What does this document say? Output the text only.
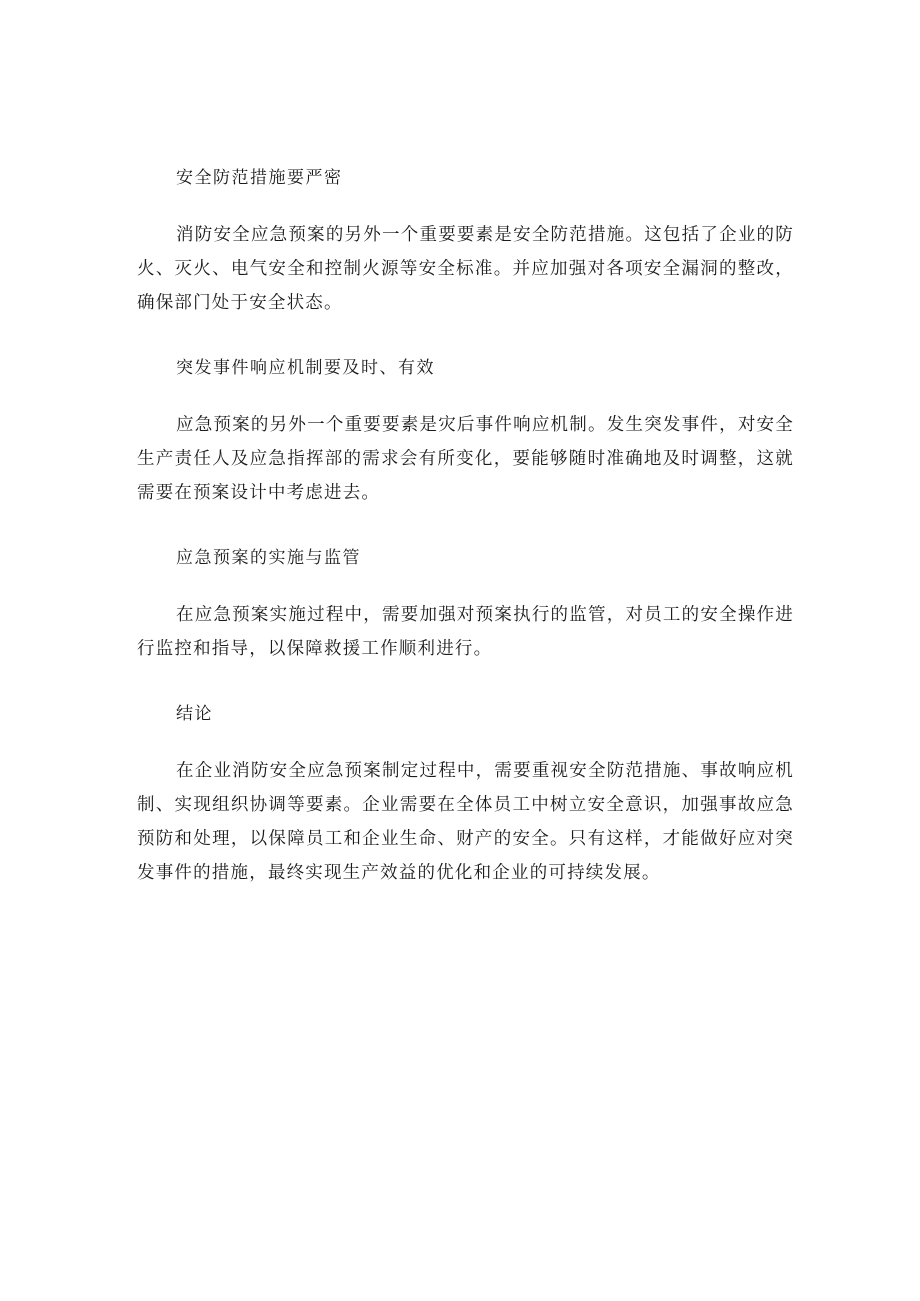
安全防范措施要严密

消防安全应急预案的另外一个重要要素是安全防范措施。这包括了企业的防火、灭火、电气安全和控制火源等安全标准。并应加强对各项安全漏洞的整改，确保部门处于安全状态。

突发事件响应机制要及时、有效

应急预案的另外一个重要要素是灾后事件响应机制。发生突发事件，对安全生产责任人及应急指挥部的需求会有所变化，要能够随时准确地及时调整，这就需要在预案设计中考虑进去。

应急预案的实施与监管

在应急预案实施过程中，需要加强对预案执行的监管，对员工的安全操作进行监控和指导，以保障救援工作顺利进行。

结论

在企业消防安全应急预案制定过程中，需要重视安全防范措施、事故响应机制、实现组织协调等要素。企业需要在全体员工中树立安全意识，加强事故应急预防和处理，以保障员工和企业生命、财产的安全。只有这样，才能做好应对突发事件的措施，最终实现生产效益的优化和企业的可持续发展。
